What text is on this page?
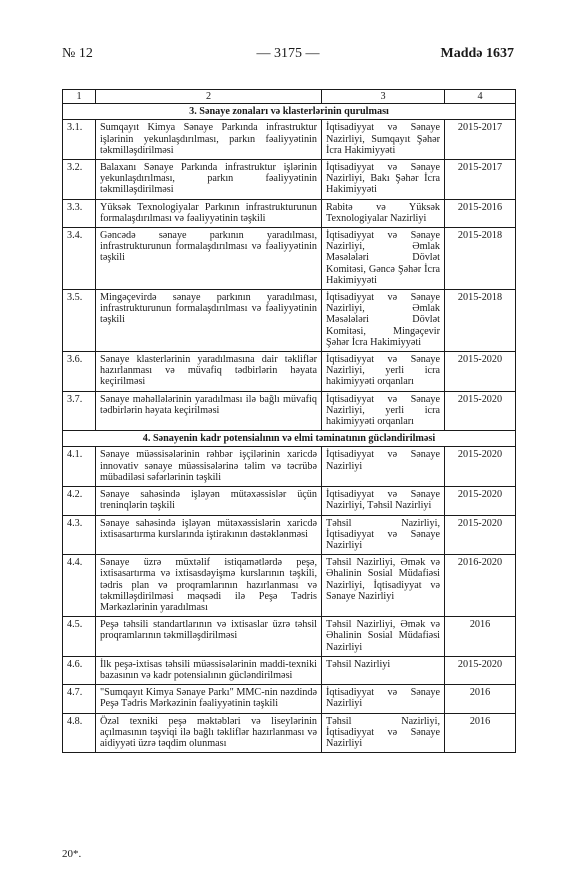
№ 12	— 3175 —	Maddə 1637
1	2	3	4
3. Sənaye zonaları və klasterlərinin qurulması			
3.1.	Sumqayıt Kimya Sənaye Parkında infrastruktur işlərinin yekunlaşdırılması, parkın fəaliyyətinin təkmilləşdirilməsi	İqtisadiyyat və Sənaye Nazirliyi, Sumqayıt Şəhər İcra Hakimiyyəti	2015-2017
3.2.	Balaxanı Sənaye Parkında infrastruktur işlərinin yekunlaşdırılması, parkın fəaliyyətinin təkmilləşdirilməsi	İqtisadiyyat və Sənaye Nazirliyi, Bakı Şəhər İcra Hakimiyyəti	2015-2017
3.3.	Yüksək Texnologiyalar Parkının infrastrukturunun formalaşdırılması və fəaliyyətinin təşkili	Rabitə və Yüksək Texnologiyalar Nazirliyi	2015-2016
3.4.	Gəncədə sənaye parkının yaradılması, infrastrukturunun formalaşdırılması və fəaliyyətinin təşkili	İqtisadiyyat və Sənaye Nazirliyi, Əmlak Məsələləri Dövlət Komitəsi, Gəncə Şəhər İcra Hakimiyyəti	2015-2018
3.5.	Mingəçevirdə sənaye parkının yaradılması, infrastrukturunun formalaşdırılması və fəaliyyətinin təşkili	İqtisadiyyat və Sənaye Nazirliyi, Əmlak Məsələləri Dövlət Komitəsi, Mingəçevir Şəhər İcra Hakimiyyəti	2015-2018
3.6.	Sənaye klasterlərinin yaradılmasına dair təkliflər hazırlanması və müvafiq tədbirlərin həyata keçirilməsi	İqtisadiyyat və Sənaye Nazirliyi, yerli icra hakimiyyəti orqanları	2015-2020
3.7.	Sənaye məhəllələrinin yaradılması ilə bağlı müvafiq tədbirlərin həyata keçirilməsi	İqtisadiyyat və Sənaye Nazirliyi, yerli icra hakimiyyəti orqanları	2015-2020
4. Sənayenin kadr potensialının və elmi təminatının gücləndirilməsi			
4.1.	Sənaye müəssisələrinin rəhbər işçilərinin xaricdə innovativ sənaye müəssisələrinə təlim və təcrübə mübadiləsi səfərlərinin təşkili	İqtisadiyyat və Sənaye Nazirliyi	2015-2020
4.2.	Sənaye sahəsində işləyən mütəxəssislər üçün treninqlərin təşkili	İqtisadiyyat və Sənaye Nazirliyi, Təhsil Nazirliyi	2015-2020
4.3.	Sənaye sahəsində işləyən mütəxəssislərin xaricdə ixtisasartırma kurslarında iştirakının dəstəklənməsi	Təhsil Nazirliyi, İqtisadiyyat və Sənaye Nazirliyi	2015-2020
4.4.	Sənaye üzrə müxtəlif istiqamətlərdə peşə, ixtisasartırma və ixtisasdəyişmə kurslarının təşkili, tədris plan və proqramlarının hazırlanması və təkmilləşdirilməsi məqsədi ilə Peşə Tədris Mərkəzlərinin yaradılması	Təhsil Nazirliyi, Əmək və Əhalinin Sosial Müdafiəsi Nazirliyi, İqtisadiyyat və Sənaye Nazirliyi	2016-2020
4.5.	Peşə təhsili standartlarının və ixtisaslar üzrə təhsil proqramlarının təkmilləşdirilməsi	Təhsil Nazirliyi, Əmək və Əhalinin Sosial Müdafiəsi Nazirliyi	2016
4.6.	İlk peşə-ixtisas təhsili müəssisələrinin maddi-texniki bazasının və kadr potensialının gücləndirilməsi	Təhsil Nazirliyi	2015-2020
4.7.	"Sumqayıt Kimya Sənaye Parkı" MMC-nin nəzdində Peşə Tədris Mərkəzinin fəaliyyətinin təşkili	İqtisadiyyat və Sənaye Nazirliyi	2016
4.8.	Özəl texniki peşə məktəbləri və liseylərinin açılmasının təşviqi ilə bağlı təkliflər hazırlanması və aidiyyəti üzrə təqdim olunması	Təhsil Nazirliyi, İqtisadiyyat və Sənaye Nazirliyi	2016
20*.
